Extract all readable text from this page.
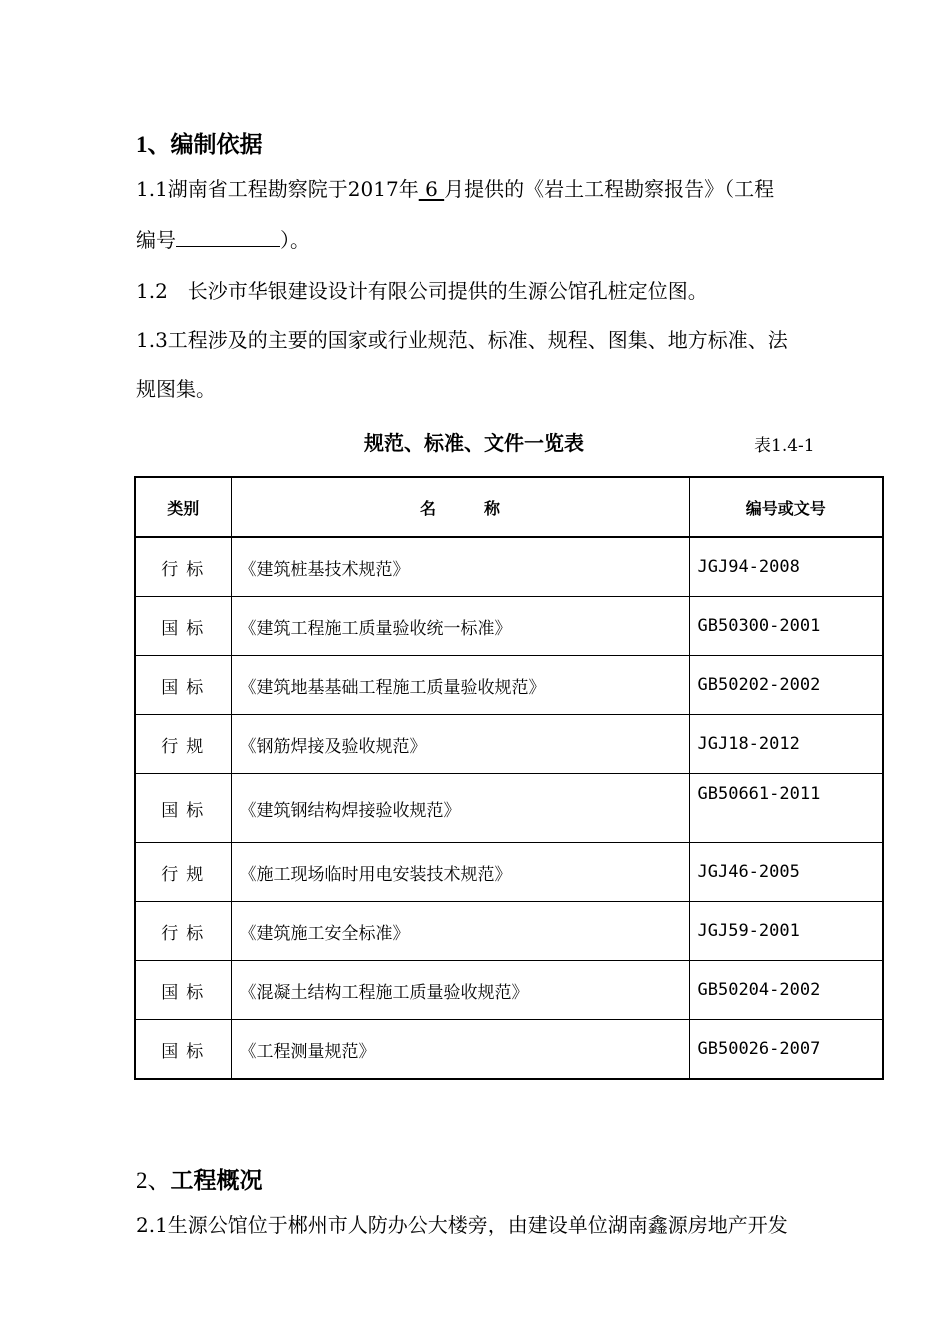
1、编制依据
1.1湖南省工程勘察院于2017年 6 月提供的《岩土工程勘察报告》（工程
编号	）。
1.2　长沙市华银建设设计有限公司提供的生源公馆孔桩定位图。
1.3工程涉及的主要的国家或行业规范、标准、规程、图集、地方标准、法
规图集。
规范、标准、文件一览表	表1.4-1
类别	名称	编号或文号
行标	《建筑桩基技术规范》	JGJ94-2008
国标	《建筑工程施工质量验收统一标准》	GB50300-2001
国标	《建筑地基基础工程施工质量验收规范》	GB50202-2002
行规	《钢筋焊接及验收规范》	JGJ18-2012
国标	《建筑钢结构焊接验收规范》	GB50661-2011
行规	《施工现场临时用电安装技术规范》	JGJ46-2005
行标	《建筑施工安全标准》	JGJ59-2001
国标	《混凝土结构工程施工质量验收规范》	GB50204-2002
国标	《工程测量规范》	GB50026-2007
2、工程概况
2.1生源公馆位于郴州市人防办公大楼旁，由建设单位湖南鑫源房地产开发
